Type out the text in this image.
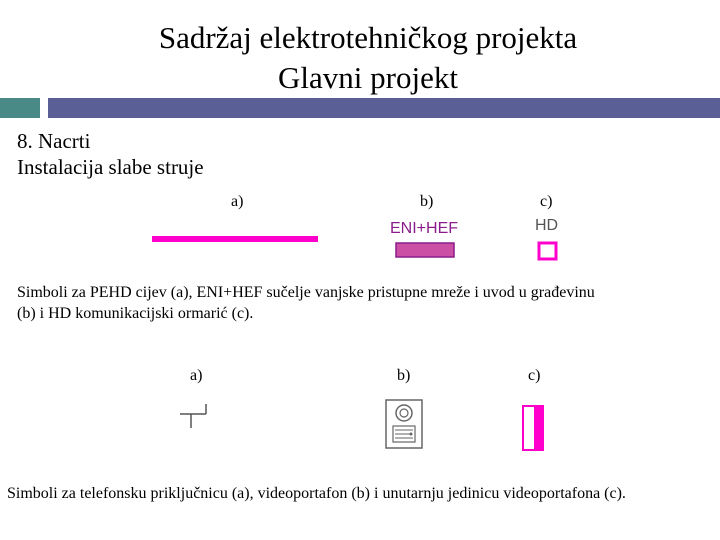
Sadržaj elektrotehničkog projekta
Glavni projekt
8. Nacrti
Instalacija slabe struje
a)	b)	c)
ENI+HEF	HD
Simboli za PEHD cijev (a), ENI+HEF sučelje vanjske pristupne mreže i uvod u građevinu
(b) i HD komunikacijski ormarić (c).
a)	b)	c)
Simboli za telefonsku priključnicu (a), videoportafon (b) i unutarnju jedinicu videoportafona (c).
